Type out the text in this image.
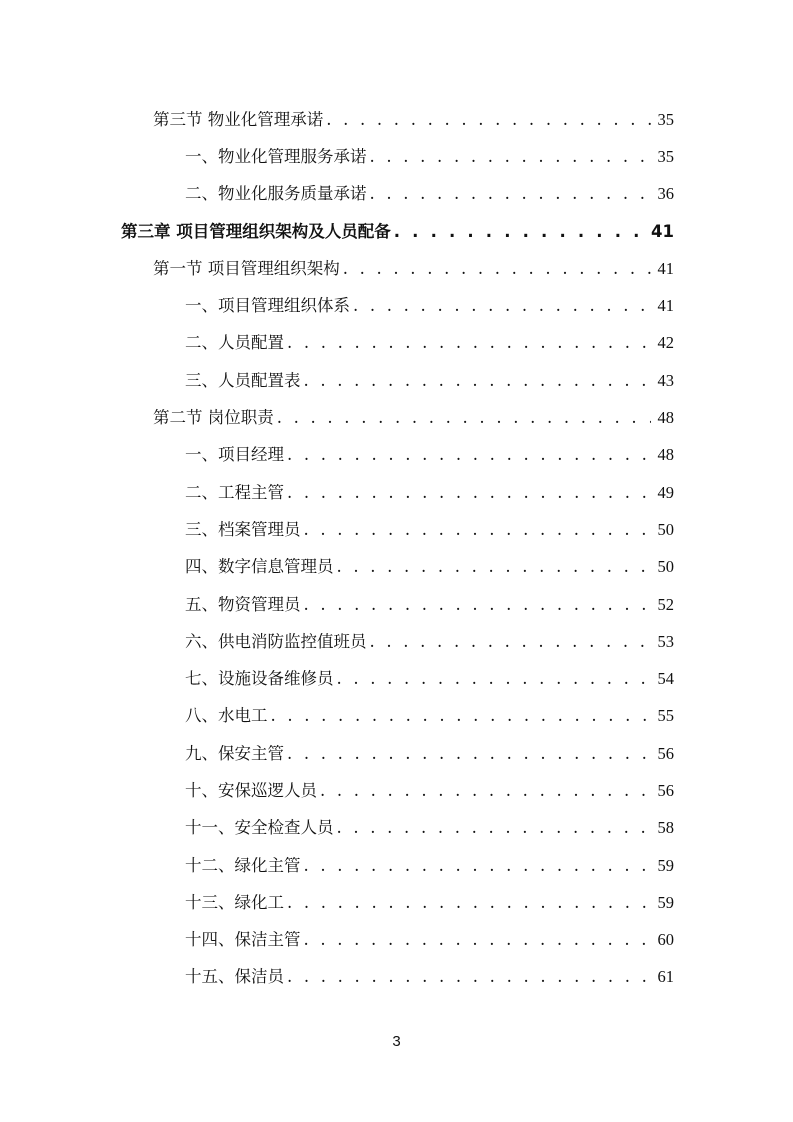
第三节 物业化管理承诺 . . .	35
一、物业化管理服务承诺 . . .	35
二、物业化服务质量承诺 . . .	36
第三章 项目管理组织架构及人员配备 . . .	41
第一节 项目管理组织架构 . . .	41
一、项目管理组织体系 . . .	41
二、人员配置 . . .	42
三、人员配置表 . . .	43
第二节 岗位职责 . . .	48
一、项目经理 . . .	48
二、工程主管 . . .	49
三、档案管理员 . . .	50
四、数字信息管理员 . . .	50
五、物资管理员 . . .	52
六、供电消防监控值班员 . . .	53
七、设施设备维修员 . . .	54
八、水电工 . . .	55
九、保安主管 . . .	56
十、安保巡逻人员 . . .	56
十一、安全检查人员 . . .	58
十二、绿化主管 . . .	59
十三、绿化工 . . .	59
十四、保洁主管 . . .	60
十五、保洁员 . . .	61
3
